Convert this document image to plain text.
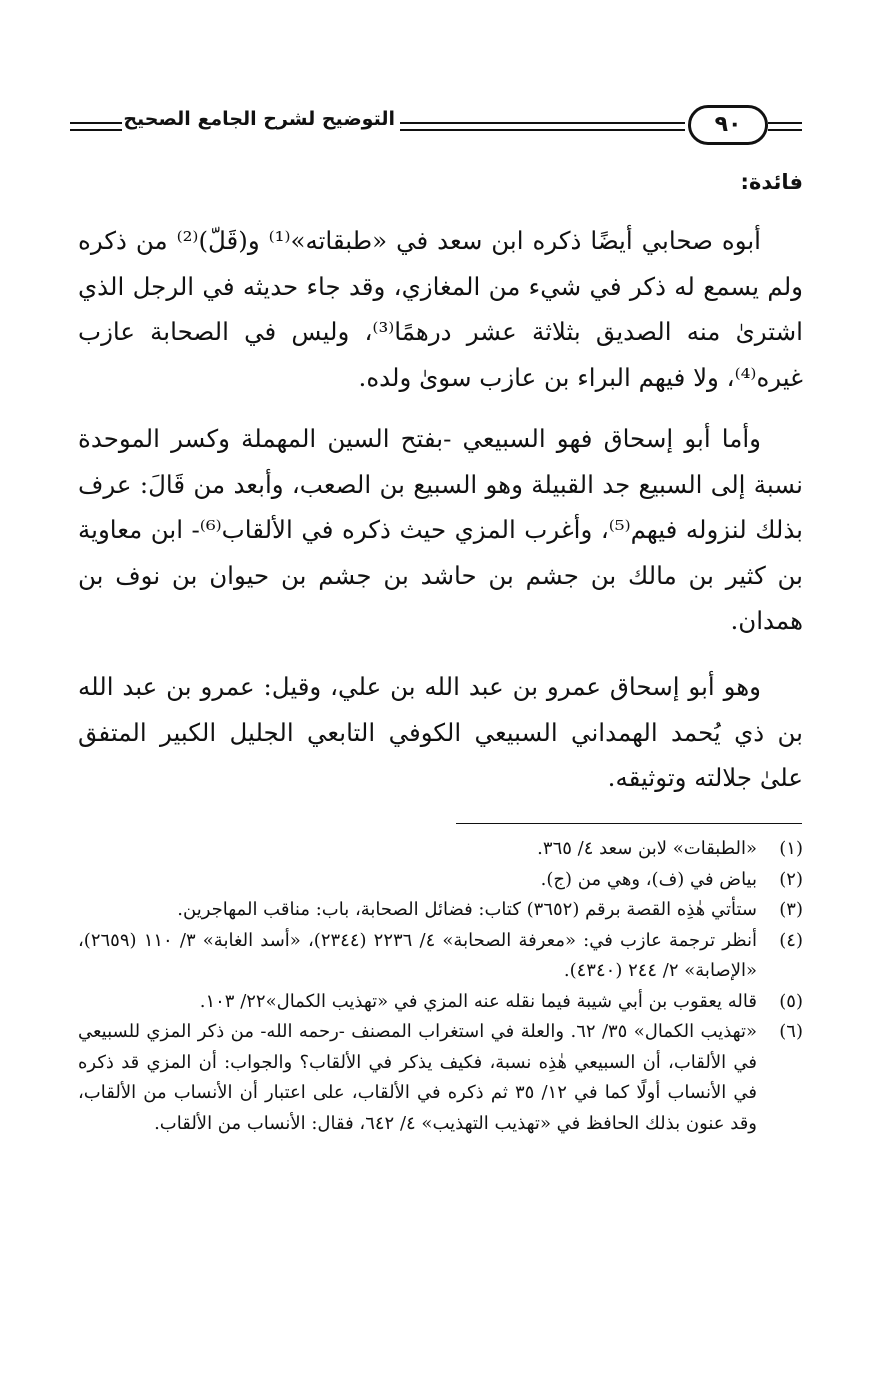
التوضيح لشرح الجامع الصحيح	٩٠
فائدة:

أبوه صحابي أيضًا ذكره ابن سعد في «طبقاته»⁽¹⁾ و(قَلّ)⁽²⁾ من ذكره ولم يسمع له ذكر في شيء من المغازي، وقد جاء حديثه في الرجل الذي اشترىٰ منه الصديق بثلاثة عشر درهمًا⁽³⁾، وليس في الصحابة عازب غيره⁽⁴⁾، ولا فيهم البراء بن عازب سوىٰ ولده.

وأما أبو إسحاق فهو السبيعي -بفتح السين المهملة وكسر الموحدة نسبة إلى السبيع جد القبيلة وهو السبيع بن الصعب، وأبعد من قَالَ: عرف بذلك لنزوله فيهم⁽⁵⁾، وأغرب المزي حيث ذكره في الألقاب⁽⁶⁾- ابن معاوية بن كثير بن مالك بن جشم بن حاشد بن جشم بن حيوان بن نوف بن همدان.

وهو أبو إسحاق عمرو بن عبد الله بن علي، وقيل: عمرو بن عبد الله بن ذي يُحمد الهمداني السبيعي الكوفي التابعي الجليل الكبير المتفق علىٰ جلالته وتوثيقه.

(١)
«الطبقات» لابن سعد ٤/ ٣٦٥.
(٢)
بياض في (ف)، وهي من (ج).
(٣)
ستأتي هٰذِه القصة برقم (٣٦٥٢) كتاب: فضائل الصحابة، باب: مناقب المهاجرين.
(٤)
أنظر ترجمة عازب في: «معرفة الصحابة» ٤/ ٢٢٣٦ (٢٣٤٤)، «أسد الغابة» ٣/ ١١٠ (٢٦٥٩)، «الإصابة» ٢/ ٢٤٤ (٤٣٤٠).
(٥)
قاله يعقوب بن أبي شيبة فيما نقله عنه المزي في «تهذيب الكمال»٢٢/ ١٠٣.
(٦)
«تهذيب الكمال» ٣٥/ ٦٢. والعلة في استغراب المصنف -رحمه الله- من ذكر المزي للسبيعي في الألقاب، أن السبيعي هٰذِه نسبة، فكيف يذكر في الألقاب؟ والجواب: أن المزي قد ذكره في الأنساب أولًا كما في ١٢/ ٣٥ ثم ذكره في الألقاب، على اعتبار أن الأنساب من الألقاب، وقد عنون بذلك الحافظ في «تهذيب التهذيب» ٤/ ٦٤٢، فقال: الأنساب من الألقاب.
